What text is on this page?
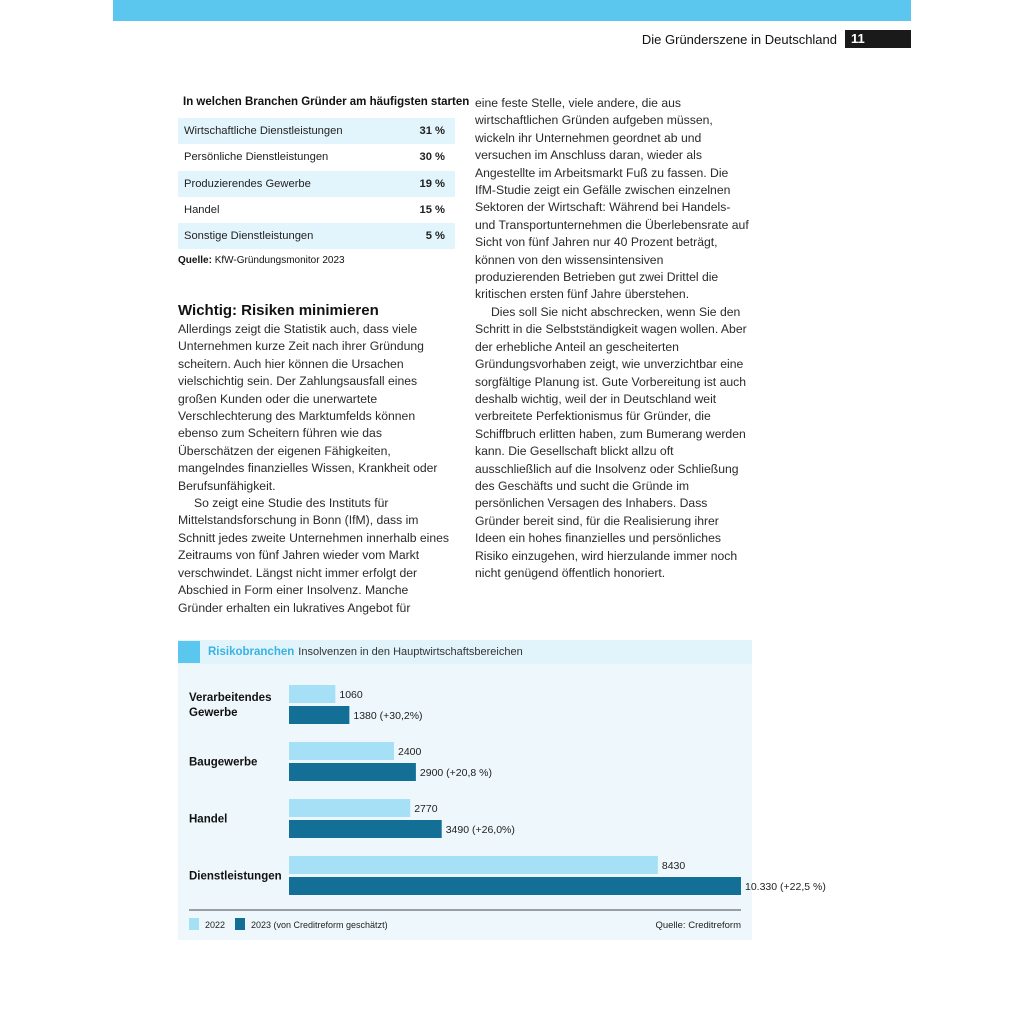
Die Gründerszene in Deutschland	11
In welchen Branchen Gründer am häufigsten starten
Wirtschaftliche Dienstleistungen	31 %
Persönliche Dienstleistungen	30 %
Produzierendes Gewerbe	19 %
Handel	15 %
Sonstige Dienstleistungen	5 %
Quelle: KfW-Gründungsmonitor 2023
Wichtig: Risiken minimieren

Allerdings zeigt die Statistik auch, dass viele Unternehmen kurze Zeit nach ihrer Gründung scheitern. Auch hier können die Ursachen vielschichtig sein. Der Zahlungsausfall eines großen Kunden oder die unerwartete Verschlechterung des Marktumfelds können ebenso zum Scheitern führen wie das Überschätzen der eigenen Fähigkeiten, mangelndes finanzielles Wissen, Krankheit oder Berufsunfähigkeit.

So zeigt eine Studie des Instituts für Mittelstandsforschung in Bonn (IfM), dass im Schnitt jedes zweite Unternehmen innerhalb eines Zeitraums von fünf Jahren wieder vom Markt verschwindet. Längst nicht immer erfolgt der Abschied in Form einer Insolvenz. Manche Gründer erhalten ein lukratives Angebot für

eine feste Stelle, viele andere, die aus wirtschaftlichen Gründen aufgeben müssen, wickeln ihr Unternehmen geordnet ab und versuchen im Anschluss daran, wieder als Angestellte im Arbeitsmarkt Fuß zu fassen. Die IfM-Studie zeigt ein Gefälle zwischen einzelnen Sektoren der Wirtschaft: Während bei Handels- und Transportunternehmen die Überlebensrate auf Sicht von fünf Jahren nur 40 Prozent beträgt, können von den wissensintensiven produzierenden Betrieben gut zwei Drittel die kritischen ersten fünf Jahre überstehen.

Dies soll Sie nicht abschrecken, wenn Sie den Schritt in die Selbstständigkeit wagen wollen. Aber der erhebliche Anteil an gescheiterten Gründungsvorhaben zeigt, wie unverzichtbar eine sorgfältige Planung ist. Gute Vorbereitung ist auch deshalb wichtig, weil der in Deutschland weit verbreitete Perfektionismus für Gründer, die Schiffbruch erlitten haben, zum Bumerang werden kann. Die Gesellschaft blickt allzu oft ausschließlich auf die Insolvenz oder Schließung des Geschäfts und sucht die Gründe im persönlichen Versagen des Inhabers. Dass Gründer bereit sind, für die Realisierung ihrer Ideen ein hohes finanzielles und persönliches Risiko einzugehen, wird hierzulande immer noch nicht genügend öffentlich honoriert.

Risikobranchen Insolvenzen in den Hauptwirtschaftsbereichen
Verarbeitendes
Gewerbe
1060
1380 (+30,2%)
Baugewerbe
2400
2900 (+20,8 %)
Handel
2770
3490 (+26,0%)
Dienstleistungen
8430
10.330 (+22,5 %)
2022	2023 (von Creditreform geschätzt)	Quelle: Creditreform
